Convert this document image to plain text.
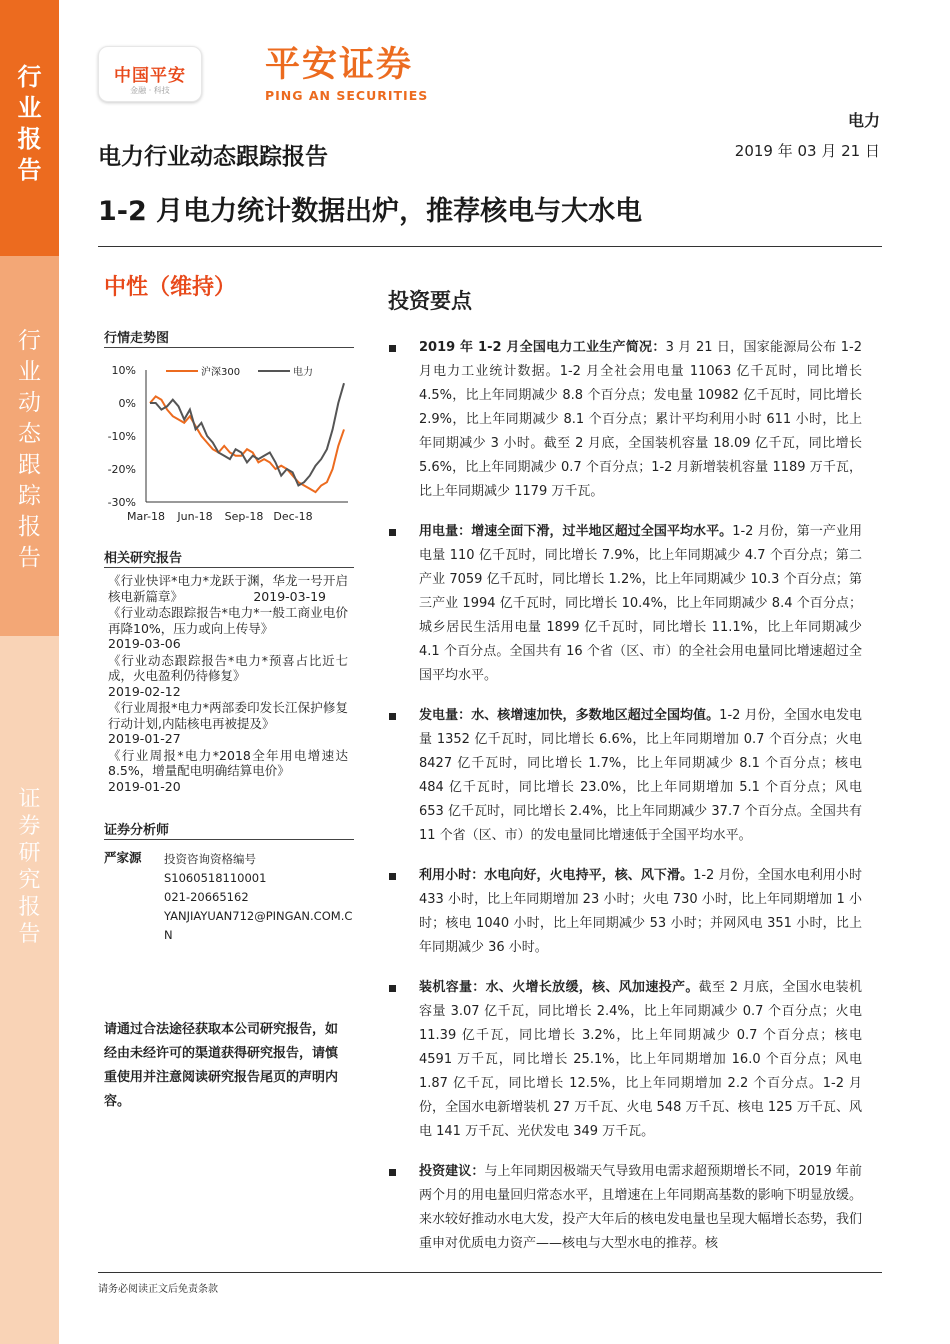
行
业
报
告
行
业
动
态
跟
踪
报
告
证
券
研
究
报
告
中国平安
金融 · 科技
平安证券
PING AN SECURITIES
电力
2019 年 03 月 21 日
电力行业动态跟踪报告
1-2 月电力统计数据出炉，推荐核电与大水电
中性（维持）
行情走势图
10%
0%
-10%
-20%
-30%
Mar-18 Jun-18 Sep-18 Dec-18
沪深300	电力
相关研究报告
《行业快评*电力*龙跃于渊，华龙一号开启核电新篇章》	2019-03-19
《行业动态跟踪报告*电力*一般工商业电价再降10%，压力或向上传导》
2019-03-06
《行业动态跟踪报告*电力*预喜占比近七成，火电盈利仍待修复》
2019-02-12
《行业周报*电力*两部委印发长江保护修复行动计划,内陆核电再被提及》
2019-01-27
《行业周报*电力*2018全年用电增速达8.5%，增量配电明确结算电价》
2019-01-20
证券分析师
严家源 投资咨询资格编号
S1060518110001
021-20665162
YANJIAYUAN712@PINGAN.COM.CN
请通过合法途径获取本公司研究报告，如经由未经许可的渠道获得研究报告，请慎重使用并注意阅读研究报告尾页的声明内容。
投资要点
2019 年 1-2 月全国电力工业生产简况：3 月 21 日，国家能源局公布 1-2 月电力工业统计数据。1-2 月全社会用电量 11063 亿千瓦时，同比增长 4.5%，比上年同期减少 8.8 个百分点；发电量 10982 亿千瓦时，同比增长 2.9%，比上年同期减少 8.1 个百分点；累计平均利用小时 611 小时，比上年同期减少 3 小时。截至 2 月底，全国装机容量 18.09 亿千瓦，同比增长 5.6%，比上年同期减少 0.7 个百分点；1-2 月新增装机容量 1189 万千瓦，比上年同期减少 1179 万千瓦。
用电量：增速全面下滑，过半地区超过全国平均水平。1-2 月份，第一产业用电量 110 亿千瓦时，同比增长 7.9%，比上年同期减少 4.7 个百分点；第二产业 7059 亿千瓦时，同比增长 1.2%，比上年同期减少 10.3 个百分点；第三产业 1994 亿千瓦时，同比增长 10.4%，比上年同期减少 8.4 个百分点；城乡居民生活用电量 1899 亿千瓦时，同比增长 11.1%，比上年同期减少 4.1 个百分点。全国共有 16 个省（区、市）的全社会用电量同比增速超过全国平均水平。
发电量：水、核增速加快，多数地区超过全国均值。1-2 月份，全国水电发电量 1352 亿千瓦时，同比增长 6.6%，比上年同期增加 0.7 个百分点；火电 8427 亿千瓦时，同比增长 1.7%，比上年同期减少 8.1 个百分点；核电 484 亿千瓦时，同比增长 23.0%，比上年同期增加 5.1 个百分点；风电 653 亿千瓦时，同比增长 2.4%，比上年同期减少 37.7 个百分点。全国共有 11 个省（区、市）的发电量同比增速低于全国平均水平。
利用小时：水电向好，火电持平，核、风下滑。1-2 月份，全国水电利用小时 433 小时，比上年同期增加 23 小时；火电 730 小时，比上年同期增加 1 小时；核电 1040 小时，比上年同期减少 53 小时；并网风电 351 小时，比上年同期减少 36 小时。
装机容量：水、火增长放缓，核、风加速投产。截至 2 月底，全国水电装机容量 3.07 亿千瓦，同比增长 2.4%，比上年同期减少 0.7 个百分点；火电 11.39 亿千瓦，同比增长 3.2%，比上年同期减少 0.7 个百分点；核电 4591 万千瓦，同比增长 25.1%，比上年同期增加 16.0 个百分点；风电 1.87 亿千瓦，同比增长 12.5%，比上年同期增加 2.2 个百分点。1-2 月份，全国水电新增装机 27 万千瓦、火电 548 万千瓦、核电 125 万千瓦、风电 141 万千瓦、光伏发电 349 万千瓦。
投资建议：与上年同期因极端天气导致用电需求超预期增长不同，2019 年前两个月的用电量回归常态水平，且增速在上年同期高基数的影响下明显放缓。来水较好推动水电大发，投产大年后的核电发电量也呈现大幅增长态势，我们重申对优质电力资产——核电与大型水电的推荐。核
请务必阅读正文后免责条款
